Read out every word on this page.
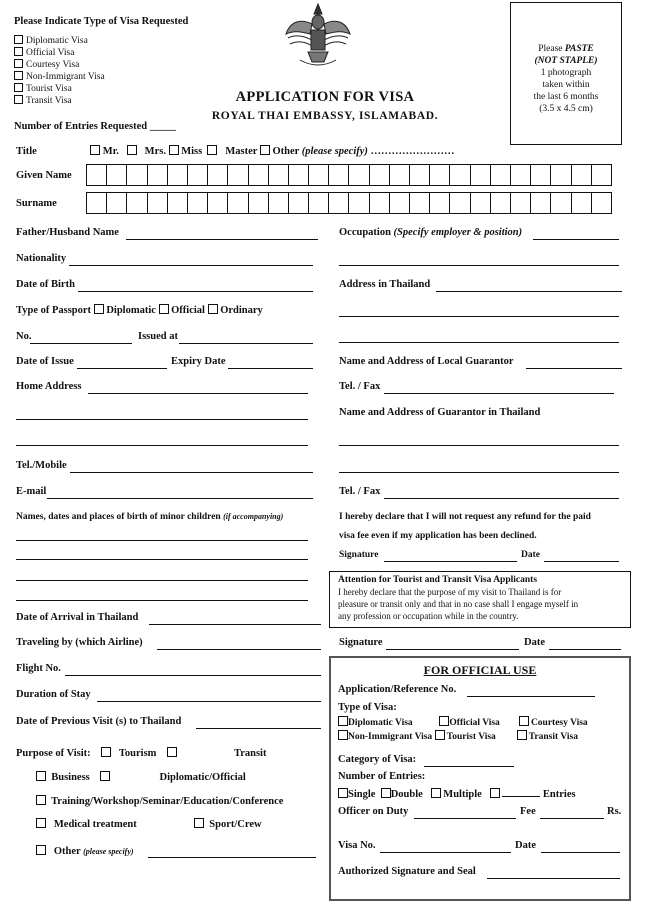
Please Indicate Type of Visa Requested
Diplomatic Visa
Official Visa
Courtesy Visa
Non-Immigrant Visa
Tourist Visa
Transit Visa
Number of Entries Requested _____
APPLICATION FOR VISA
ROYAL THAI EMBASSY, ISLAMABAD.
Please PASTE
(NOT STAPLE)
1 photograph
taken within
the last 6 months
(3.5 x 4.5 cm)
Title	Mr. Mrs. Miss Master Other (please specify) ……………………
Given Name
Surname
Father/Husband Name
Nationality
Date of Birth
Type of Passport Diplomatic Official Ordinary
No.	Issued at
Date of Issue	Expiry Date
Home Address
Tel./Mobile
E-mail
Names, dates and places of birth of minor children (if accompanying)
Date of Arrival in Thailand
Traveling by (which Airline)
Flight No.
Duration of Stay
Date of Previous Visit (s) to Thailand
Purpose of Visit:	Tourism	Transit
Business	Diplomatic/Official
Training/Workshop/Seminar/Education/Conference
Medical treatment	Sport/Crew
Other (please specify)
Occupation (Specify employer & position)
Address in Thailand
Name and Address of Local Guarantor
Tel. / Fax
Name and Address of Guarantor in Thailand
Tel. / Fax
I hereby declare that I will not request any refund for the paid
visa fee even if my application has been declined.
Signature	Date
Attention for Tourist and Transit Visa Applicants
I hereby declare that the purpose of my visit to Thailand is for
pleasure or transit only and that in no case shall I engage myself in
any profession or occupation while in the country.
Signature	Date
FOR OFFICIAL USE
Application/Reference No.
Type of Visa:
Diplomatic Visa	Official Visa	Courtesy Visa
Non-Immigrant Visa Tourist Visa	Transit Visa
Category of Visa:
Number of Entries:
Single Double Multiple	Entries
Officer on Duty	Fee	Rs.
Visa No.	Date
Authorized Signature and Seal
